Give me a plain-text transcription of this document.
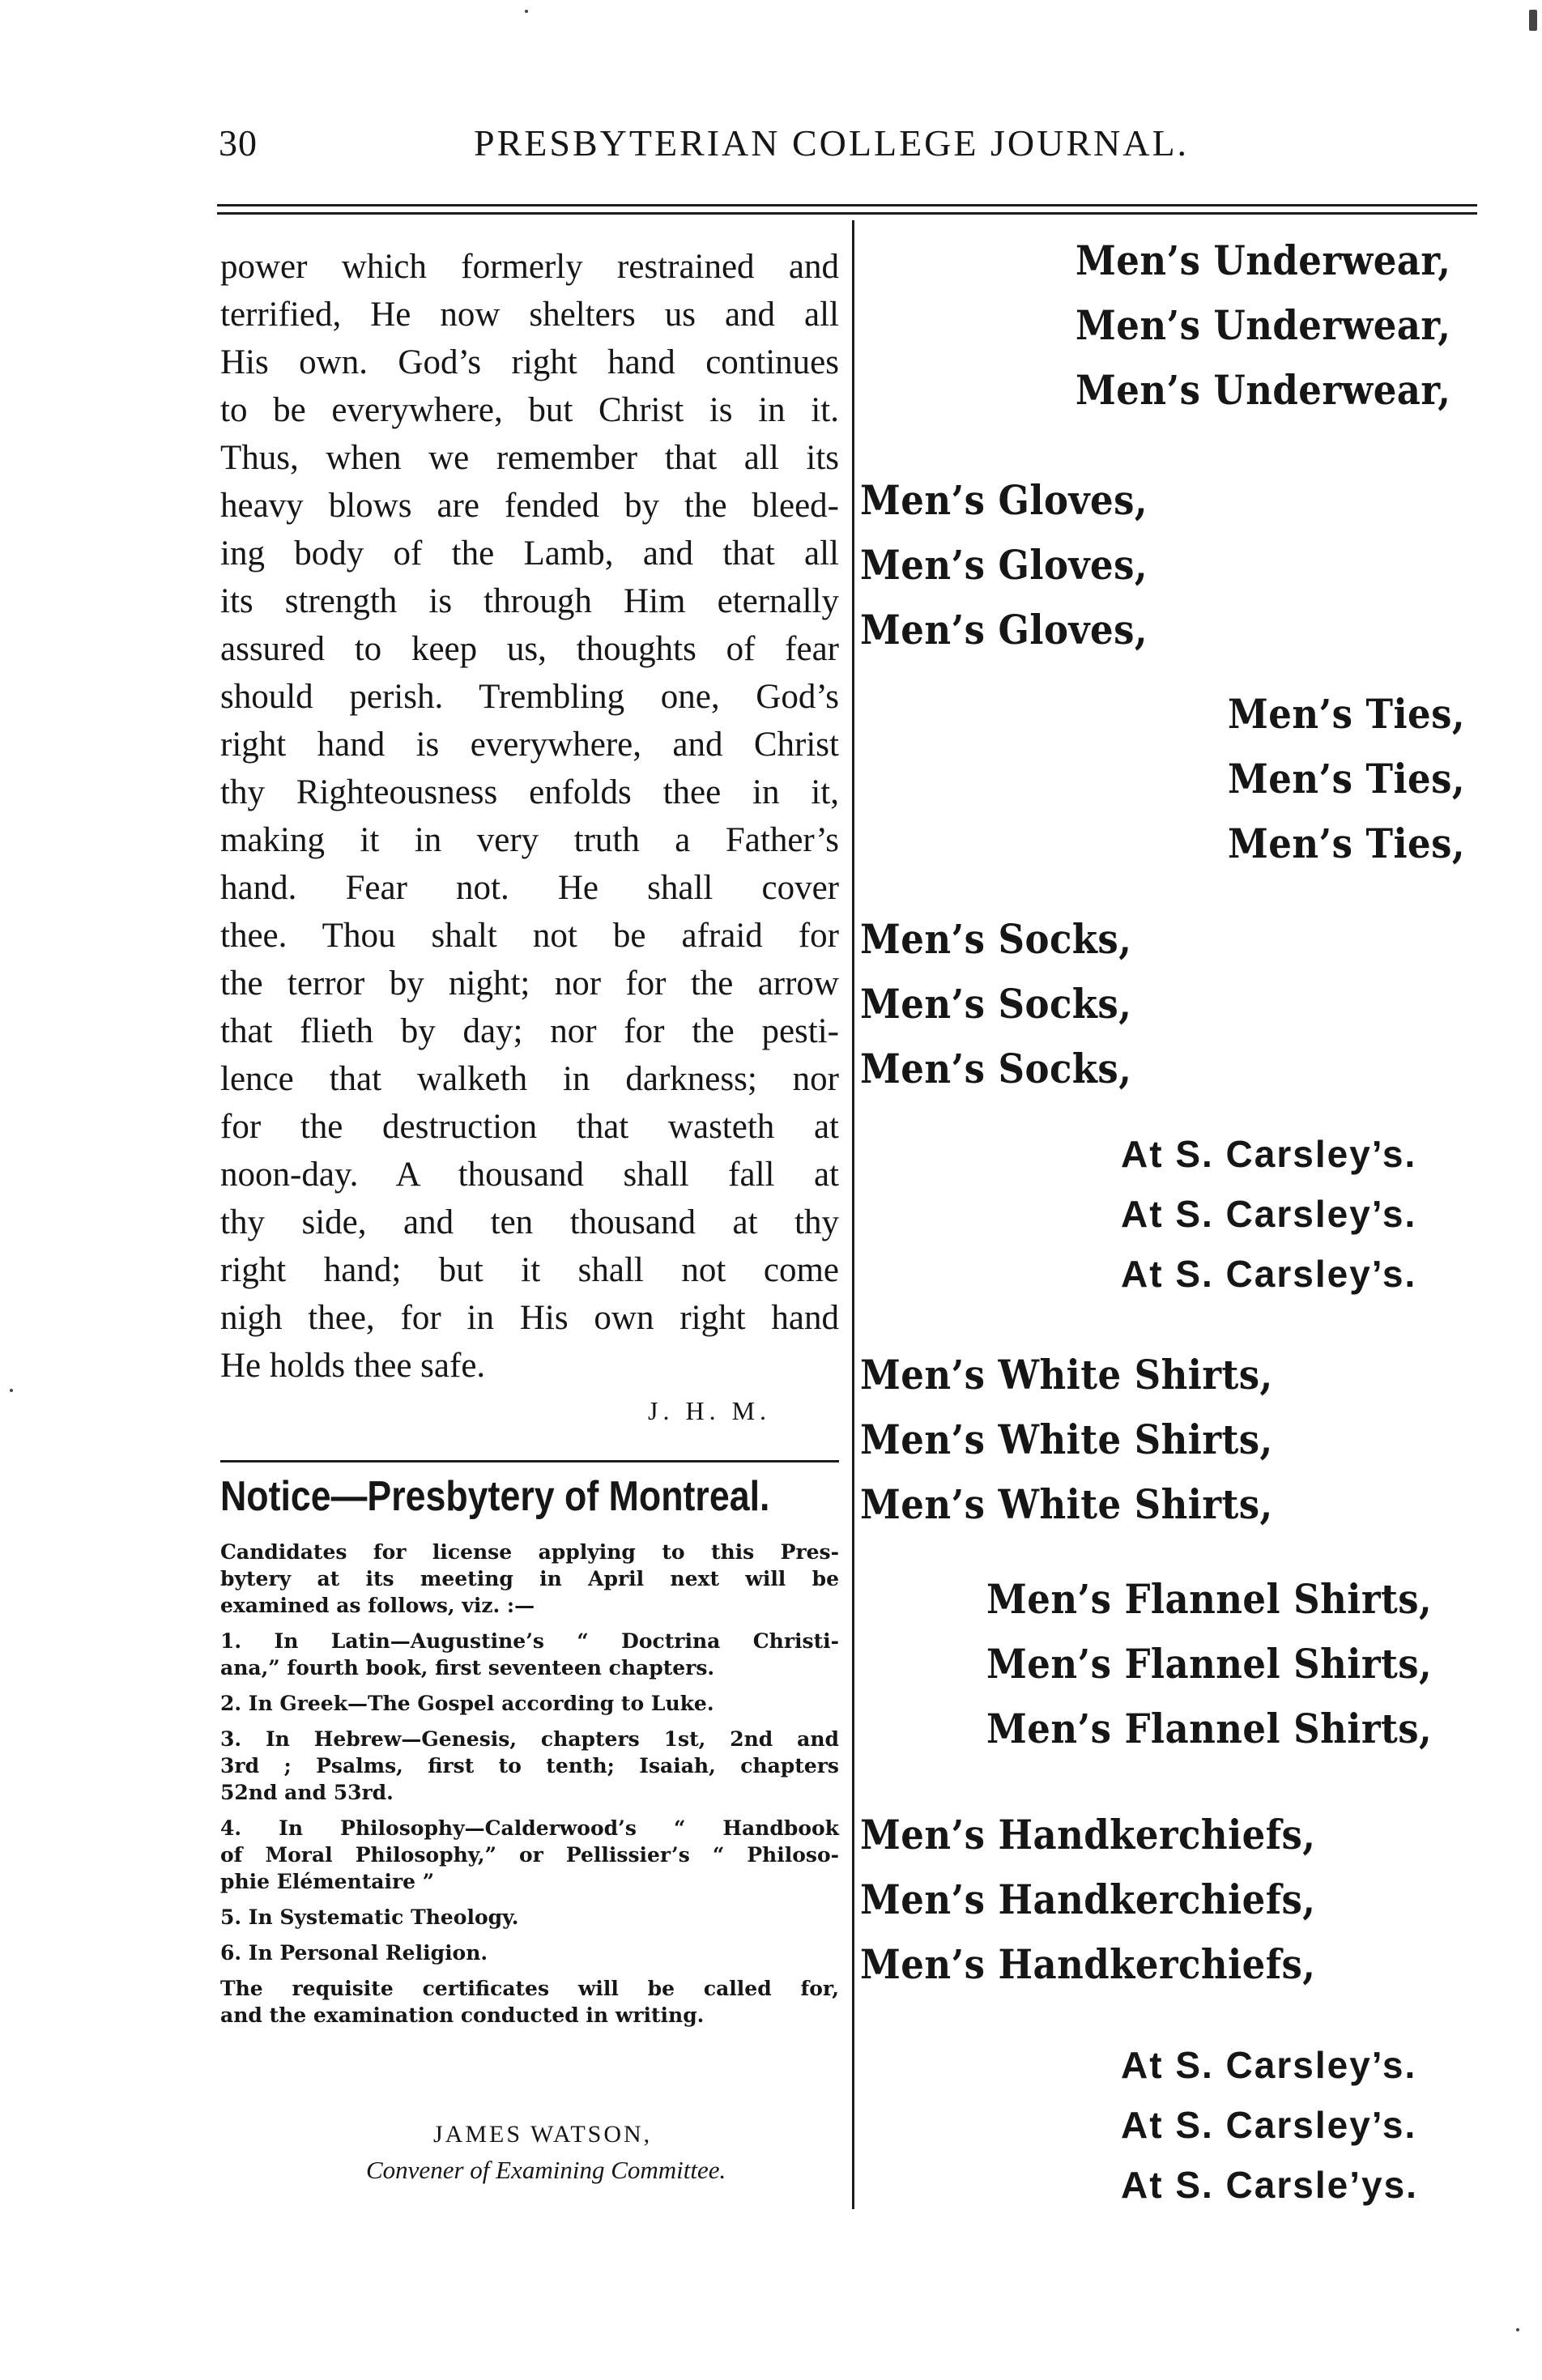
30	PRESBYTERIAN COLLEGE JOURNAL.
power which formerly restrained and
terrified, He now shelters us and all
His own. God’s right hand continues
to be everywhere, but Christ is in it.
Thus, when we remember that all its
heavy blows are fended by the bleed-
ing body of the Lamb, and that all
its strength is through Him eternally
assured to keep us, thoughts of fear
should perish. Trembling one, God’s
right hand is everywhere, and Christ
thy Righteousness enfolds thee in it,
making it in very truth a Father’s
hand. Fear not. He shall cover
thee. Thou shalt not be afraid for
the terror by night; nor for the arrow
that flieth by day; nor for the pesti-
lence that walketh in darkness; nor
for the destruction that wasteth at
noon-day. A thousand shall fall at
thy side, and ten thousand at thy
right hand; but it shall not come
nigh thee, for in His own right hand
He holds thee safe.
J. H. M.
Notice—Presbytery of Montreal.
Candidates for license applying to this Pres-
bytery at its meeting in April next will be
examined as follows, viz. :—
1. In Latin—Augustine’s “ Doctrina Christi-
ana,” fourth book, first seventeen chapters.
2. In Greek—The Gospel according to Luke.
3. In Hebrew—Genesis, chapters 1st, 2nd and
3rd ; Psalms, first to tenth; Isaiah, chapters
52nd and 53rd.
4. In Philosophy—Calderwood’s “ Handbook
of Moral Philosophy,” or Pellissier’s “ Philoso-
phie Elémentaire ”
5. In Systematic Theology.
6. In Personal Religion.
The requisite certificates will be called for,
and the examination conducted in writing.
JAMES WATSON,
Convener of Examining Committee.
Men’s Underwear,
Men’s Underwear,
Men’s Underwear,
Men’s Gloves,
Men’s Gloves,
Men’s Gloves,
Men’s Ties,
Men’s Ties,
Men’s Ties,
Men’s Socks,
Men’s Socks,
Men’s Socks,
At S. Carsley’s.
At S. Carsley’s.
At S. Carsley’s.
Men’s White Shirts,
Men’s White Shirts,
Men’s White Shirts,
Men’s Flannel Shirts,
Men’s Flannel Shirts,
Men’s Flannel Shirts,
Men’s Handkerchiefs,
Men’s Handkerchiefs,
Men’s Handkerchiefs,
At S. Carsley’s.
At S. Carsley’s.
At S. Carsle’ys.
